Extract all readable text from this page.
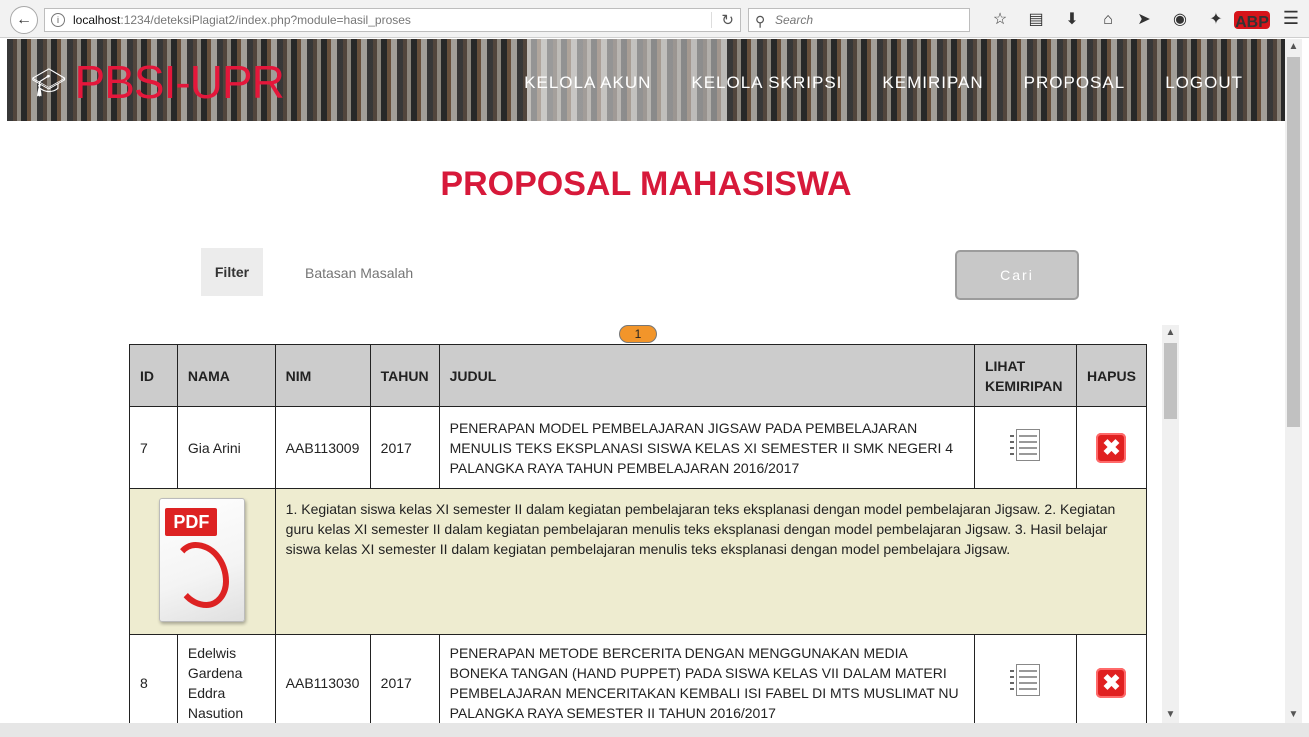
←	i	localhost :1234/deteksiPlagiat2/index.php?module=hasil_proses	↻ ⚲ Search	☆	▤	⬇	⌂	➤	◉	✦ ABP ☰
🎓︎ PBSI-UPR	KELOLA AKUN KELOLA SKRIPSI KEMIRIPAN PROPOSAL LOGOUT
PROPOSAL MAHASISWA
Filter
Batasan Masalah	Cari
1
ID	NAMA	NIM	TAHUN	JUDUL	LIHAT KEMIRIPAN	HAPUS
7	Gia Arini	AAB113009	2017	PENERAPAN MODEL PEMBELAJARAN JIGSAW PADA PEMBELAJARAN MENULIS TEKS EKSPLANASI SISWA KELAS XI SEMESTER II SMK NEGERI 4 PALANGKA RAYA TAHUN PEMBELAJARAN 2016/2017		✖

PDF		1. Kegiatan siswa kelas XI semester II dalam kegiatan pembelajaran teks eksplanasi dengan model pembelajaran Jigsaw. 2. Kegiatan guru kelas XI semester II dalam kegiatan pembelajaran menulis teks eksplanasi dengan model pembelajaran Jigsaw. 3. Hasil belajar siswa kelas XI semester II dalam kegiatan pembelajaran menulis teks eksplanasi dengan model pembelajara Jigsaw.				
8	Edelwis Gardena Eddra Nasution	AAB113030	2017	PENERAPAN METODE BERCERITA DENGAN MENGGUNAKAN MEDIA BONEKA TANGAN (HAND PUPPET) PADA SISWA KELAS VII DALAM MATERI PEMBELAJARAN MENCERITAKAN KEMBALI ISI FABEL DI MTS MUSLIMAT NU PALANGKA RAYA SEMESTER II TAHUN 2016/2017		✖
▲
▼
▲
▼
